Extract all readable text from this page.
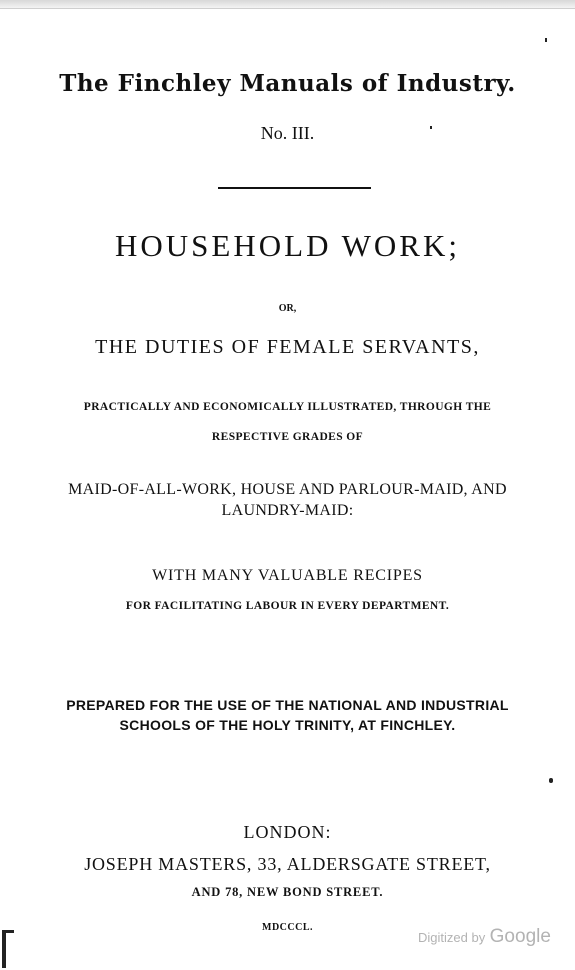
The Finchley Manuals of Industry.
No. III.
HOUSEHOLD WORK;
OR,
THE DUTIES OF FEMALE SERVANTS,
PRACTICALLY AND ECONOMICALLY ILLUSTRATED, THROUGH THE
RESPECTIVE GRADES OF
MAID-OF-ALL-WORK, HOUSE AND PARLOUR-MAID, AND
LAUNDRY-MAID:
WITH MANY VALUABLE RECIPES
FOR FACILITATING LABOUR IN EVERY DEPARTMENT.
PREPARED FOR THE USE OF THE NATIONAL AND INDUSTRIAL
SCHOOLS OF THE HOLY TRINITY, AT FINCHLEY.
LONDON:
JOSEPH MASTERS, 33, ALDERSGATE STREET,
AND 78, NEW BOND STREET.
MDCCCL.
Digitized by Google
